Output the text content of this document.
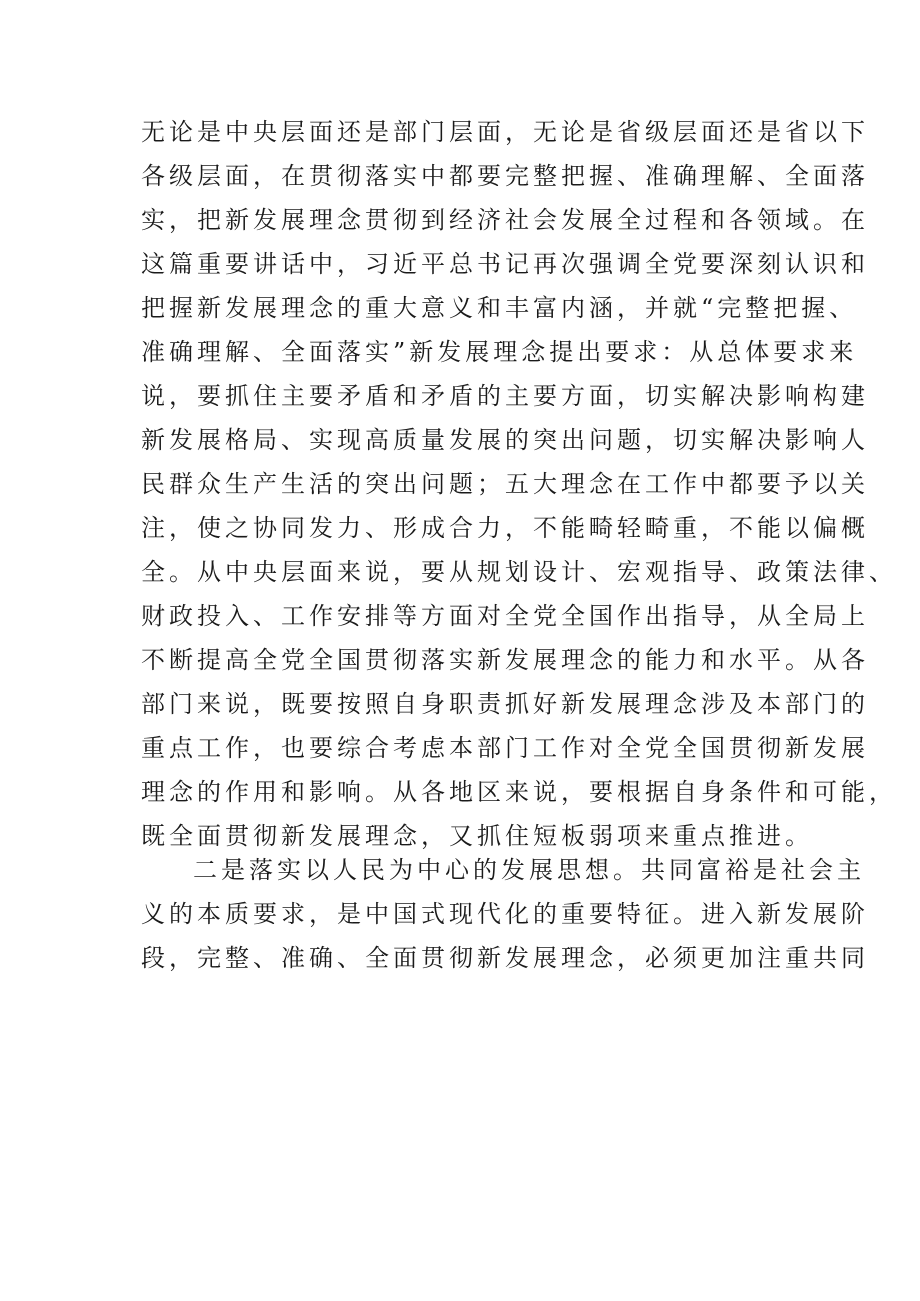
无论是中央层面还是部门层面，无论是省级层面还是省以下
各级层面，在贯彻落实中都要完整把握、准确理解、全面落
实，把新发展理念贯彻到经济社会发展全过程和各领域。在
这篇重要讲话中，习近平总书记再次强调全党要深刻认识和
把握新发展理念的重大意义和丰富内涵，并就“完整把握、
准确理解、全面落实”新发展理念提出要求：从总体要求来
说，要抓住主要矛盾和矛盾的主要方面，切实解决影响构建
新发展格局、实现高质量发展的突出问题，切实解决影响人
民群众生产生活的突出问题；五大理念在工作中都要予以关
注，使之协同发力、形成合力，不能畸轻畸重，不能以偏概
全。从中央层面来说，要从规划设计、宏观指导、政策法律、
财政投入、工作安排等方面对全党全国作出指导，从全局上
不断提高全党全国贯彻落实新发展理念的能力和水平。从各
部门来说，既要按照自身职责抓好新发展理念涉及本部门的
重点工作，也要综合考虑本部门工作对全党全国贯彻新发展
理念的作用和影响。从各地区来说，要根据自身条件和可能，
既全面贯彻新发展理念，又抓住短板弱项来重点推进。
二是落实以人民为中心的发展思想。共同富裕是社会主
义的本质要求，是中国式现代化的重要特征。进入新发展阶
段，完整、准确、全面贯彻新发展理念，必须更加注重共同
